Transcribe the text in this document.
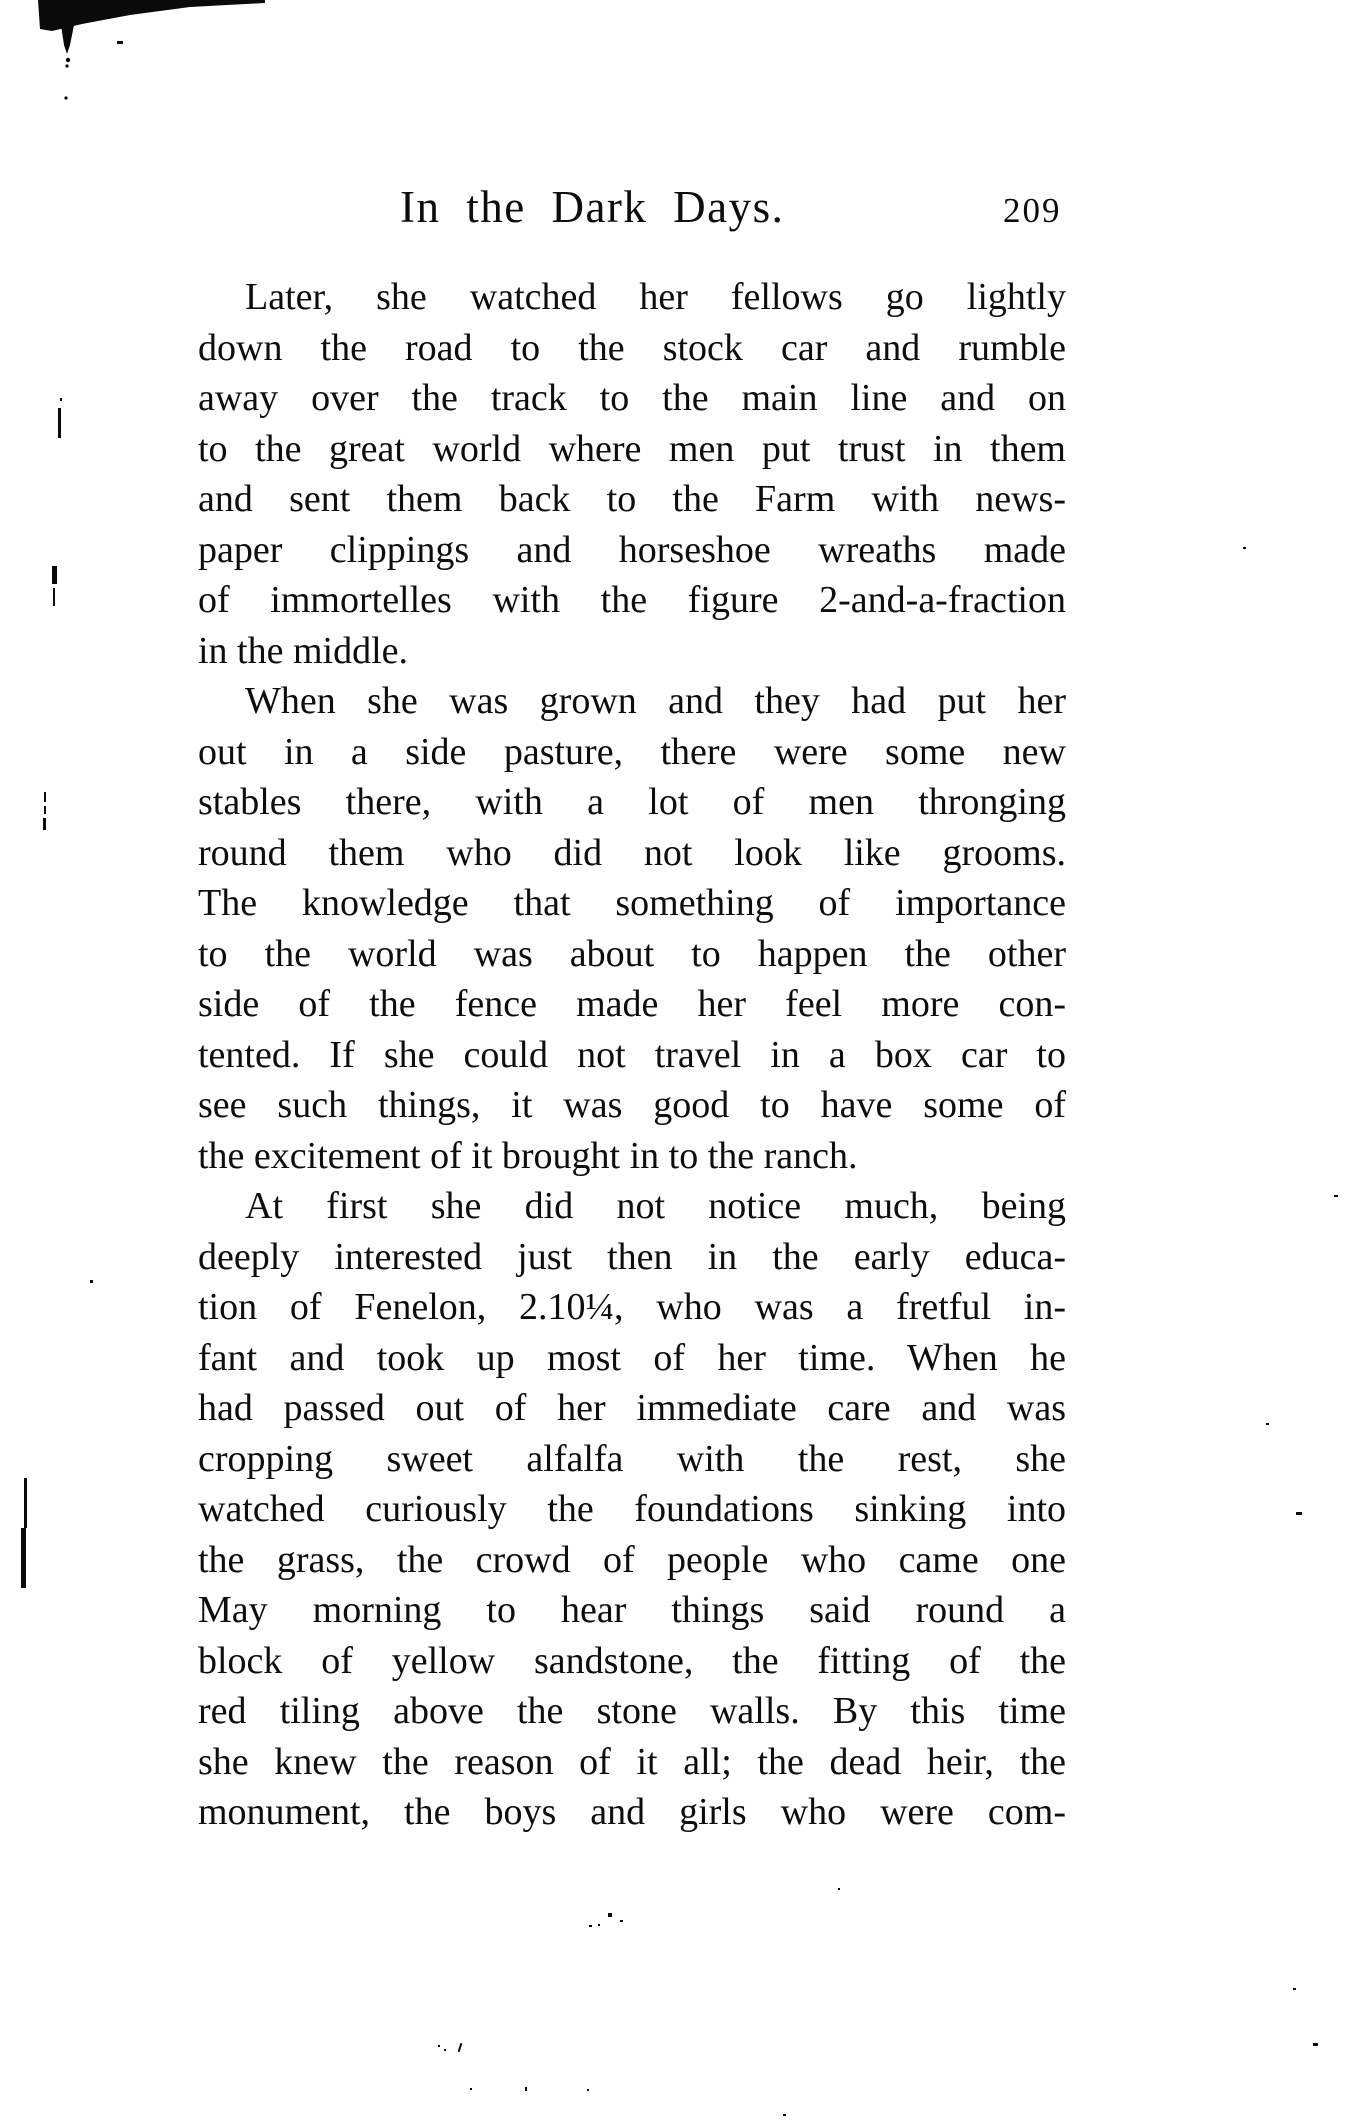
In the Dark Days.	209
Later, she watched her fellows go lightly
down the road to the stock car and rumble
away over the track to the main line and on
to the great world where men put trust in them
and sent them back to the Farm with news-
paper clippings and horseshoe wreaths made
of immortelles with the figure 2-and-a-fraction
in the middle.
When she was grown and they had put her
out in a side pasture, there were some new
stables there, with a lot of men thronging
round them who did not look like grooms.
The knowledge that something of importance
to the world was about to happen the other
side of the fence made her feel more con-
tented. If she could not travel in a box car to
see such things, it was good to have some of
the excitement of it brought in to the ranch.
At first she did not notice much, being
deeply interested just then in the early educa-
tion of Fenelon, 2.10¼, who was a fretful in-
fant and took up most of her time. When he
had passed out of her immediate care and was
cropping sweet alfalfa with the rest, she
watched curiously the foundations sinking into
the grass, the crowd of people who came one
May morning to hear things said round a
block of yellow sandstone, the fitting of the
red tiling above the stone walls. By this time
she knew the reason of it all; the dead heir, the
monument, the boys and girls who were com-
